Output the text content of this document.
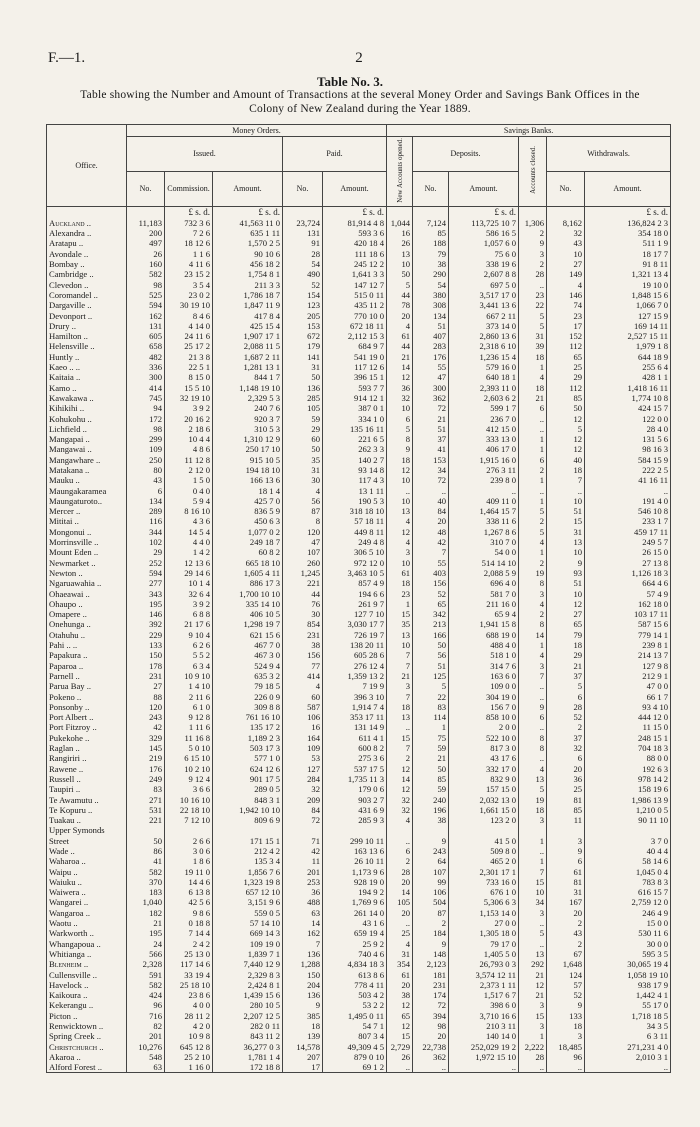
F.—1.	2
Table No. 3.
Table showing the Number and Amount of Transactions at the several Money Order and Savings Bank Offices in the Colony of New Zealand during the Year 1889.
Office.	Money Orders.					Savings Banks.					
	Issued.			Paid.		New Accounts opened.	Deposits.		Accounts closed.	Withdrawals.	
	No.	Commission.	Amount.	No.	Amount.		No.	Amount.		No.	Amount.
		£ s. d.	£ s. d.		£ s. d.			£ s. d.			£ s. d.
Auckland ..	11,183	732 3 6	41,563 11 0	23,724	81,914 4 8	1,044	7,124	113,725 10 7	1,306	8,162	136,824 2 3
Alexandra ..	200	7 2 6	635 1 11	131	593 3 6	16	85	586 16 5	2	32	354 18 0
Aratapu ..	497	18 12 6	1,570 2 5	91	420 18 4	26	188	1,057 6 0	9	43	511 1 9
Avondale ..	26	1 1 6	90 10 6	28	111 18 6	13	79	75 6 0	3	10	18 17 7
Bombay ..	160	4 11 6	456 18 2	54	245 12 2	10	38	338 19 6	2	27	91 8 11
Cambridge ..	582	23 15 2	1,754 8 1	490	1,641 3 3	50	290	2,607 8 8	28	149	1,321 13 4
Clevedon ..	98	3 5 4	211 3 3	52	147 12 7	5	54	697 5 0	..	4	19 10 0
Coromandel ..	525	23 0 2	1,786 18 7	154	515 0 11	44	380	3,517 17 0	23	146	1,848 15 6
Dargaville ..	594	30 19 10	1,847 11 9	123	435 11 2	78	308	3,441 13 6	22	74	1,066 7 0
Devonport ..	162	8 4 6	417 8 4	205	770 10 0	20	134	667 2 11	5	23	127 15 9
Drury ..	131	4 14 0	425 15 4	153	672 18 11	4	51	373 14 0	5	17	169 14 11
Hamilton ..	605	24 11 6	1,907 17 1	672	2,112 15 3	61	407	2,860 13 6	31	152	2,527 15 11
Helensville ..	658	25 17 2	2,088 11 5	179	684 9 7	44	283	2,318 6 10	39	112	1,979 1 8
Huntly ..	482	21 3 8	1,687 2 11	141	541 19 0	21	176	1,236 15 4	18	65	644 18 9
Kaeo .. ..	336	22 5 1	1,281 13 1	31	117 12 6	14	55	579 16 0	1	25	255 6 4
Kaitaia ..	300	8 15 0	844 1 7	50	396 15 1	12	47	640 18 1	4	29	428 1 1
Kamo ..	414	15 5 10	1,148 19 10	136	593 7 7	36	300	2,393 11 0	18	112	1,418 16 11
Kawakawa ..	745	32 19 10	2,329 5 3	285	914 12 1	32	362	2,603 6 2	21	85	1,774 10 8
Kihikihi ..	94	3 9 2	240 7 6	105	387 0 1	10	72	599 1 7	6	50	424 15 7
Kohukohu ..	172	20 16 2	920 3 7	59	334 1 0	6	21	236 7 0	..	12	122 0 0
Lichfield ..	98	2 18 6	310 5 3	29	135 16 11	5	51	412 15 0	..	5	28 4 0
Mangapai ..	299	10 4 4	1,310 12 9	60	221 6 5	8	37	333 13 0	1	12	131 5 6
Mangawai ..	109	4 8 6	250 17 10	50	262 3 3	9	41	406 17 0	1	12	98 16 3
Mangawhare ..	250	11 12 8	915 10 5	35	140 2 7	18	153	1,915 16 0	6	40	584 15 9
Matakana ..	80	2 12 0	194 18 10	31	93 14 8	12	34	276 3 11	2	18	222 2 5
Mauku ..	43	1 5 0	166 13 6	30	117 4 3	10	72	239 8 0	1	7	41 16 11
Maungakaramea	6	0 4 0	18 1 4	4	13 1 11	..	..	..	..	..	..
Maungaturoto..	134	5 9 4	425 7 0	56	190 5 3	10	40	409 11 0	1	10	191 4 0
Mercer ..	289	8 16 10	836 5 9	87	318 18 10	13	84	1,464 15 7	5	51	546 10 8
Mititai ..	116	4 3 6	450 6 3	8	57 18 11	4	20	338 11 6	2	15	233 1 7
Mongonui ..	344	14 5 4	1,077 0 2	120	449 8 11	12	48	1,267 8 6	5	31	459 17 11
Morrinsville ..	102	4 4 0	249 18 7	47	249 4 8	4	42	310 7 0	4	13	249 5 7
Mount Eden ..	29	1 4 2	60 8 2	107	306 5 10	3	7	54 0 0	1	10	26 15 0
Newmarket ..	252	12 13 6	665 18 10	260	972 12 0	10	55	514 14 10	2	9	27 13 8
Newton ..	594	29 14 6	1,605 4 11	1,245	3,463 10 5	61	403	2,088 5 9	19	93	1,126 18 3
Ngaruawahia ..	277	10 1 4	886 17 3	221	857 4 9	18	156	696 4 0	8	51	664 4 6
Ohaeawai ..	343	32 6 4	1,700 10 10	44	194 6 6	23	52	581 7 0	3	10	57 4 9
Ohaupo ..	195	3 9 2	335 14 10	76	261 9 7	1	65	211 16 0	4	12	162 18 0
Omapere ..	146	6 8 8	406 10 5	30	127 7 10	15	342	65 9 4	2	27	103 17 11
Onehunga ..	392	21 17 6	1,298 19 7	854	3,030 17 7	35	213	1,941 15 8	8	65	587 15 6
Otahuhu ..	229	9 10 4	621 15 6	231	726 19 7	13	166	688 19 0	14	79	779 14 1
Pahi .. ..	133	6 2 6	467 7 0	38	138 20 11	10	50	488 4 0	1	18	239 8 1
Papakura ..	150	5 5 2	467 3 0	156	605 28 6	7	56	518 1 0	4	29	214 13 7
Paparoa ..	178	6 3 4	524 9 4	77	276 12 4	7	51	314 7 6	3	21	127 9 8
Parnell ..	231	10 9 10	635 3 2	414	1,359 13 2	21	125	163 6 0	7	37	212 9 1
Parua Bay ..	27	1 4 10	79 18 5	4	7 19 9	3	5	109 0 0	..	5	47 0 0
Pokeno ..	88	2 11 6	226 0 9	60	396 3 10	7	22	304 19 0	..	6	66 1 7
Ponsonby ..	120	6 1 0	309 8 8	587	1,914 7 4	18	83	156 7 0	9	28	93 4 10
Port Albert ..	243	9 12 8	761 16 10	106	353 17 11	13	114	858 10 0	6	52	444 12 0
Port Fitzroy ..	42	1 11 6	135 17 2	16	131 14 9	..	1	2 0 0	..	2	11 15 0
Pukekohe ..	329	11 16 8	1,189 2 3	164	611 4 1	15	75	522 10 0	8	37	248 15 1
Raglan ..	145	5 0 10	503 17 3	109	600 8 2	7	59	817 3 0	8	32	704 18 3
Rangiriri ..	219	6 15 10	577 1 0	53	275 3 6	2	21	43 17 6	..	6	88 0 0
Rawene ..	176	10 2 10	624 12 6	127	537 17 5	12	50	332 17 0	4	20	192 6 3
Russell ..	249	9 12 4	901 17 5	284	1,735 11 3	14	85	832 9 0	13	36	978 14 2
Taupiri ..	83	3 6 6	289 0 5	32	179 0 6	12	59	157 15 0	5	25	158 19 6
Te Awamutu ..	271	10 16 10	848 3 1	209	903 2 7	32	240	2,032 13 0	19	81	1,986 13 9
Te Kopuru ..	531	22 18 10	1,942 10 10	84	431 6 9	32	196	1,661 15 0	18	85	1,210 0 5
Tuakau ..	221	7 12 10	809 6 9	72	285 9 3	4	38	123 2 0	3	11	90 11 10
Upper Symonds											
Street	50	2 6 6	171 15 1	71	299 10 11	..	9	41 5 0	1	3	3 7 0
Wade ..	86	3 0 6	212 4 2	42	163 13 6	6	243	509 8 0	..	9	40 4 4
Waharoa ..	41	1 8 6	135 3 4	11	26 10 11	2	64	465 2 0	1	6	58 14 6
Waipu ..	582	19 11 0	1,856 7 6	201	1,173 9 6	28	107	2,301 17 1	7	61	1,045 0 4
Waiuku ..	370	14 4 6	1,323 19 8	253	928 19 0	20	99	733 16 0	15	81	783 8 3
Waiwera ..	183	6 13 8	657 12 10	36	194 9 2	14	106	676 1 0	10	31	616 15 7
Wangarei ..	1,040	42 5 6	3,151 9 6	488	1,769 9 6	105	504	5,306 6 3	34	167	2,759 12 0
Wangaroa ..	182	9 8 6	559 0 5	63	261 14 0	20	87	1,153 14 0	3	20	246 4 9
Waotu ..	21	0 18 8	57 14 10	14	43 1 6	..	2	27 0 0	..	2	15 0 0
Warkworth ..	195	7 14 4	669 14 3	162	659 19 4	25	184	1,305 18 0	5	43	530 11 6
Whangapoua ..	24	2 4 2	109 19 0	7	25 9 2	4	9	79 17 0	..	2	30 0 0
Whitianga ..	566	25 13 0	1,839 7 1	136	740 4 6	31	148	1,405 5 0	13	67	595 3 5
Blenheim ..	2,328	117 14 6	7,440 12 9	1,288	4,834 18 3	354	2,123	26,793 0 3	292	1,648	30,065 19 4
Cullensville ..	591	33 19 4	2,329 8 3	150	613 8 6	61	181	3,574 12 11	21	124	1,058 19 10
Havelock ..	582	25 18 10	2,424 8 1	204	778 4 11	20	231	2,373 1 11	12	57	938 17 9
Kaikoura ..	424	23 8 6	1,439 15 6	136	503 4 2	38	174	1,517 6 7	21	52	1,442 4 1
Kekerangu ..	96	4 0 0	280 10 5	9	53 2 2	12	72	398 6 0	3	9	55 17 0
Picton ..	716	28 11 2	2,207 12 5	385	1,495 0 11	65	394	3,710 16 6	15	133	1,718 18 5
Renwicktown ..	82	4 2 0	282 0 11	18	54 7 1	12	98	210 3 11	3	18	34 3 5
Spring Creek ..	201	10 9 8	843 11 2	139	807 3 4	15	20	140 14 0	1	3	6 3 11
Christchurch ..	10,276	645 12 8	36,277 0 3	14,578	49,309 4 5	2,729	22,738	252,029 19 2	2,222	18,485	271,231 4 0
Akaroa ..	548	25 2 10	1,781 1 4	207	879 0 10	26	362	1,972 15 10	28	96	2,010 3 1
Alford Forest ..	63	1 16 0	172 18 8	17	69 1 2	..	..	..	..	..	..
